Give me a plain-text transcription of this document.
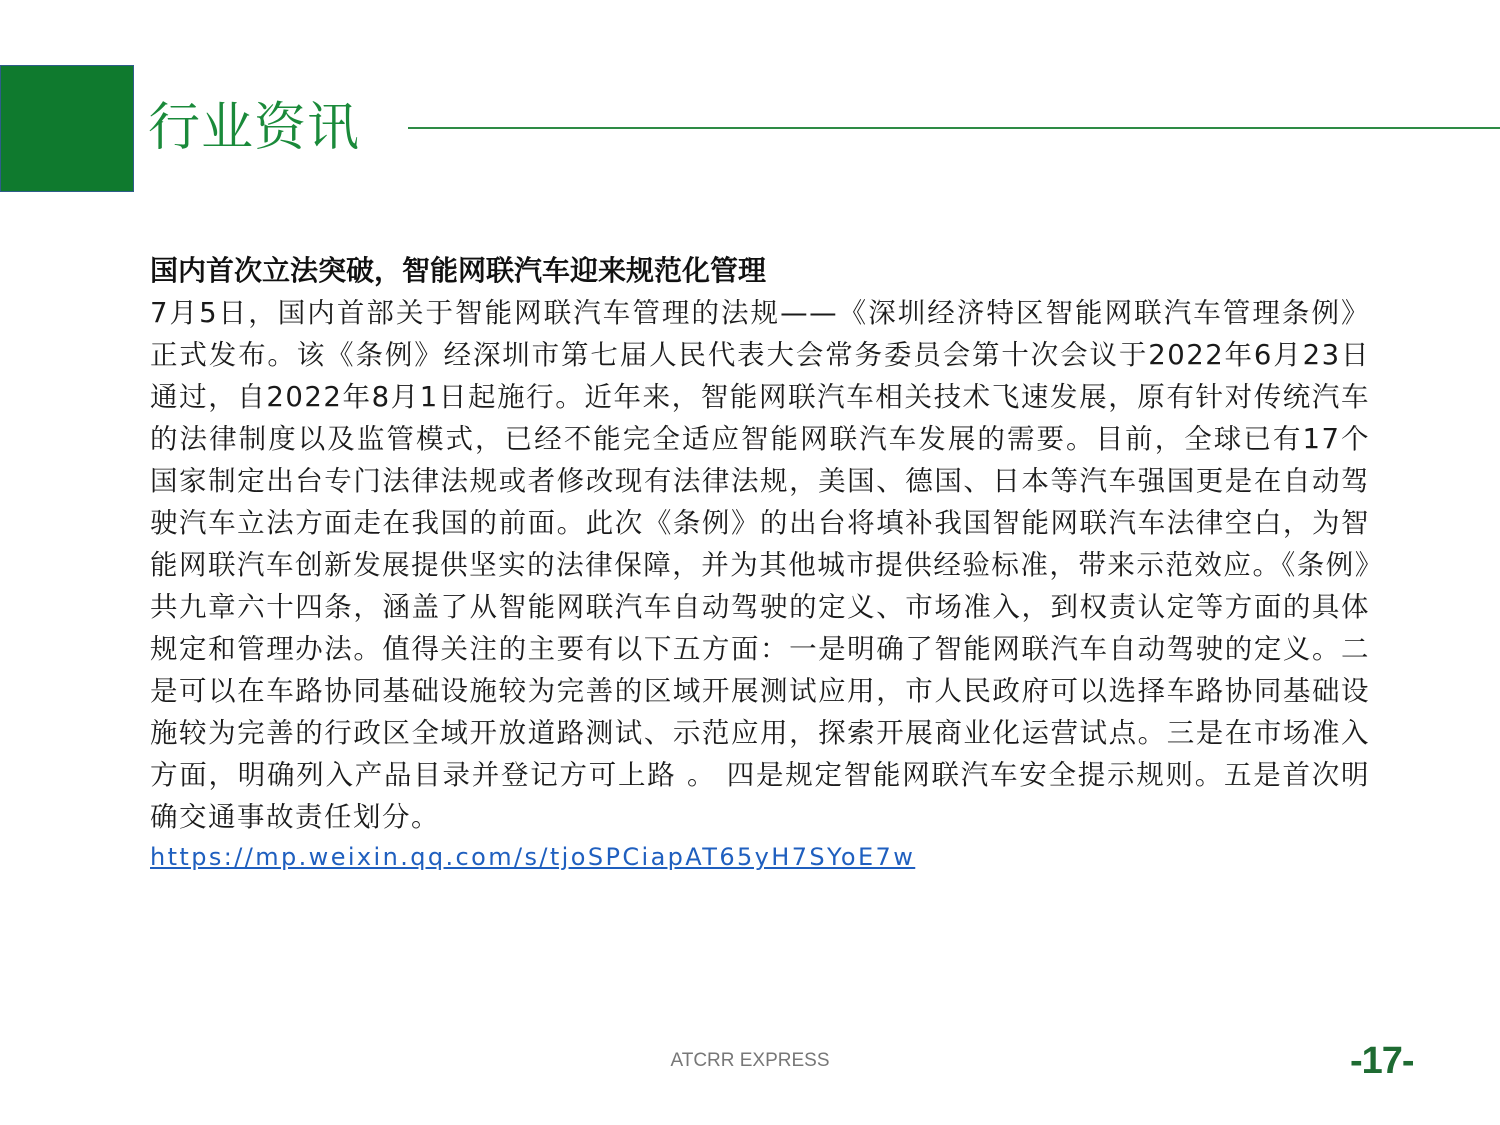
行业资讯
国内首次立法突破，智能网联汽车迎来规范化管理

7月5日，国内首部关于智能网联汽车管理的法规——《深圳经济特区智能网联汽车管理条例》正式发布。该《条例》经深圳市第七届人民代表大会常务委员会第十次会议于2022年6月23日通过，自2022年8月1日起施行。近年来，智能网联汽车相关技术飞速发展，原有针对传统汽车的法律制度以及监管模式，已经不能完全适应智能网联汽车发展的需要。目前，全球已有17个国家制定出台专门法律法规或者修改现有法律法规，美国、德国、日本等汽车强国更是在自动驾驶汽车立法方面走在我国的前面。此次《条例》的出台将填补我国智能网联汽车法律空白，为智能网联汽车创新发展提供坚实的法律保障，并为其他城市提供经验标准，带来示范效应。《条例》共九章六十四条，涵盖了从智能网联汽车自动驾驶的定义、市场准入，到权责认定等方面的具体规定和管理办法。值得关注的主要有以下五方面：一是明确了智能网联汽车自动驾驶的定义。二是可以在车路协同基础设施较为完善的区域开展测试应用，市人民政府可以选择车路协同基础设施较为完善的行政区全域开放道路测试、示范应用，探索开展商业化运营试点。三是在市场准入方面，明确列入产品目录并登记方可上路 。 四是规定智能网联汽车安全提示规则。五是首次明确交通事故责任划分。

https://mp.weixin.qq.com/s/tjoSPCiapAT65yH7SYoE7w
ATCRR EXPRESS	-17-
